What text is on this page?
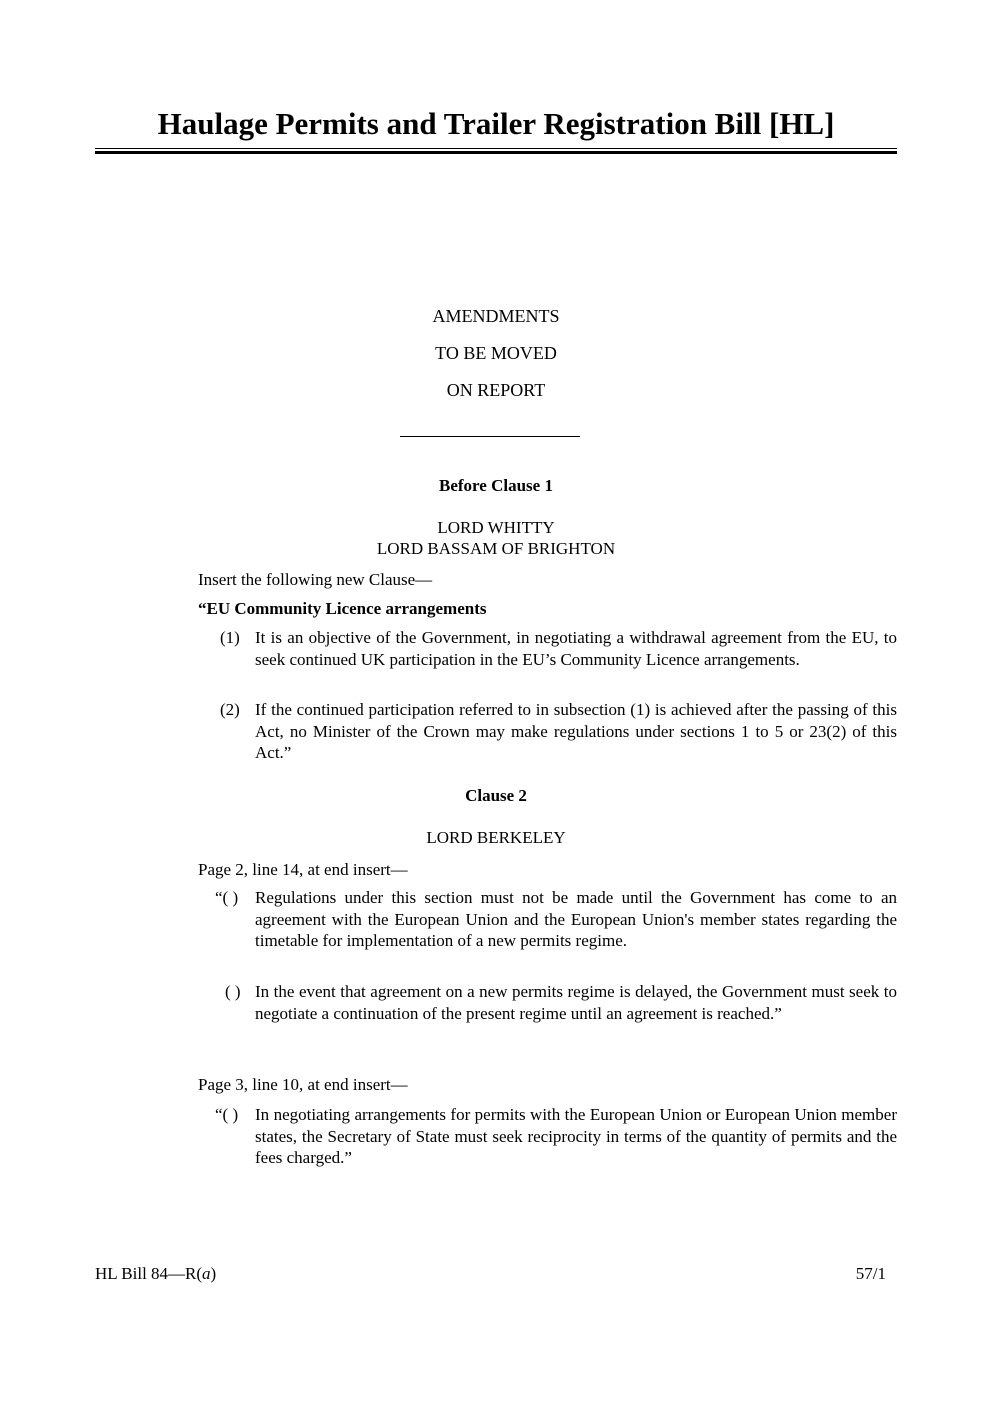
Haulage Permits and Trailer Registration Bill [HL]
AMENDMENTS
TO BE MOVED
ON REPORT
Before Clause 1
LORD WHITTY
LORD BASSAM OF BRIGHTON
Insert the following new Clause—
“EU Community Licence arrangements
(1) It is an objective of the Government, in negotiating a withdrawal agreement from the EU, to seek continued UK participation in the EU’s Community Licence arrangements.
(2) If the continued participation referred to in subsection (1) is achieved after the passing of this Act, no Minister of the Crown may make regulations under sections 1 to 5 or 23(2) of this Act.”
Clause 2
LORD BERKELEY
Page 2, line 14, at end insert—
“( ) Regulations under this section must not be made until the Government has come to an agreement with the European Union and the European Union's member states regarding the timetable for implementation of a new permits regime.
( ) In the event that agreement on a new permits regime is delayed, the Government must seek to negotiate a continuation of the present regime until an agreement is reached.”
Page 3, line 10, at end insert—
“( ) In negotiating arrangements for permits with the European Union or European Union member states, the Secretary of State must seek reciprocity in terms of the quantity of permits and the fees charged.”
HL Bill 84—R(a)	57/1
